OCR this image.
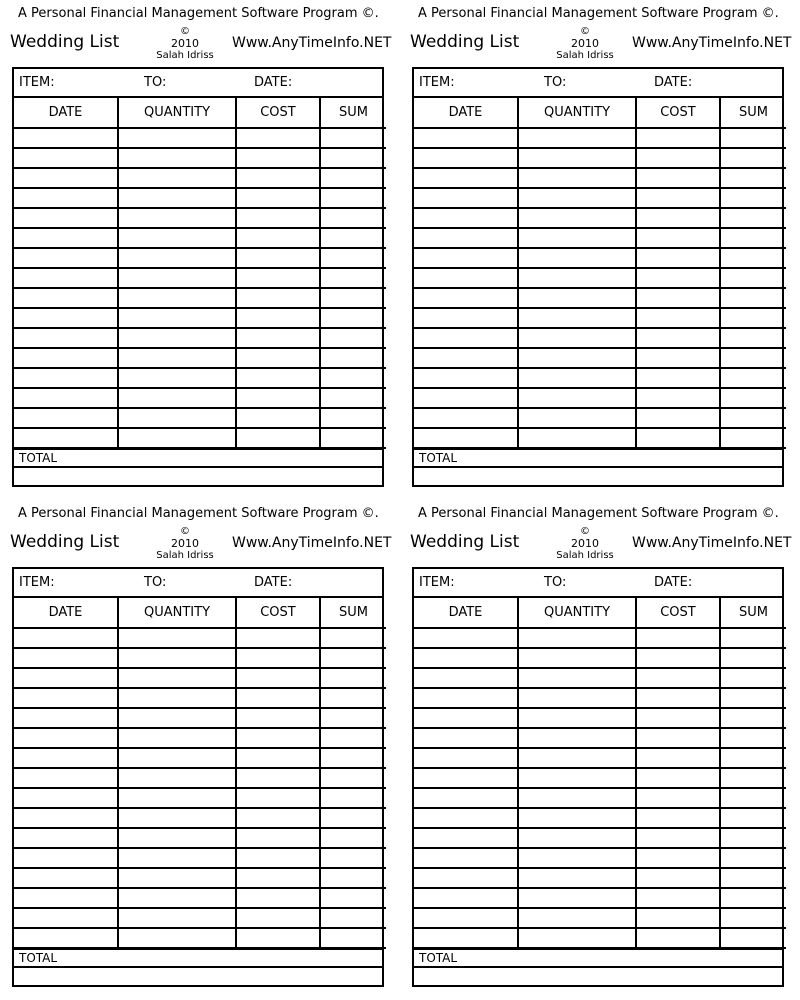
A Personal Financial Management Software Program ©.
Wedding List
©
2010
Salah Idriss
Www.AnyTimeInfo.NET
ITEM:	TO:	DATE:
DATE	QUANTITY	COST	SUM

TOTAL
A Personal Financial Management Software Program ©.
Wedding List
©
2010
Salah Idriss
Www.AnyTimeInfo.NET
ITEM:	TO:	DATE:
DATE	QUANTITY	COST	SUM

TOTAL
A Personal Financial Management Software Program ©.
Wedding List
©
2010
Salah Idriss
Www.AnyTimeInfo.NET
ITEM:	TO:	DATE:
DATE	QUANTITY	COST	SUM

TOTAL
A Personal Financial Management Software Program ©.
Wedding List
©
2010
Salah Idriss
Www.AnyTimeInfo.NET
ITEM:	TO:	DATE:
DATE	QUANTITY	COST	SUM

TOTAL
